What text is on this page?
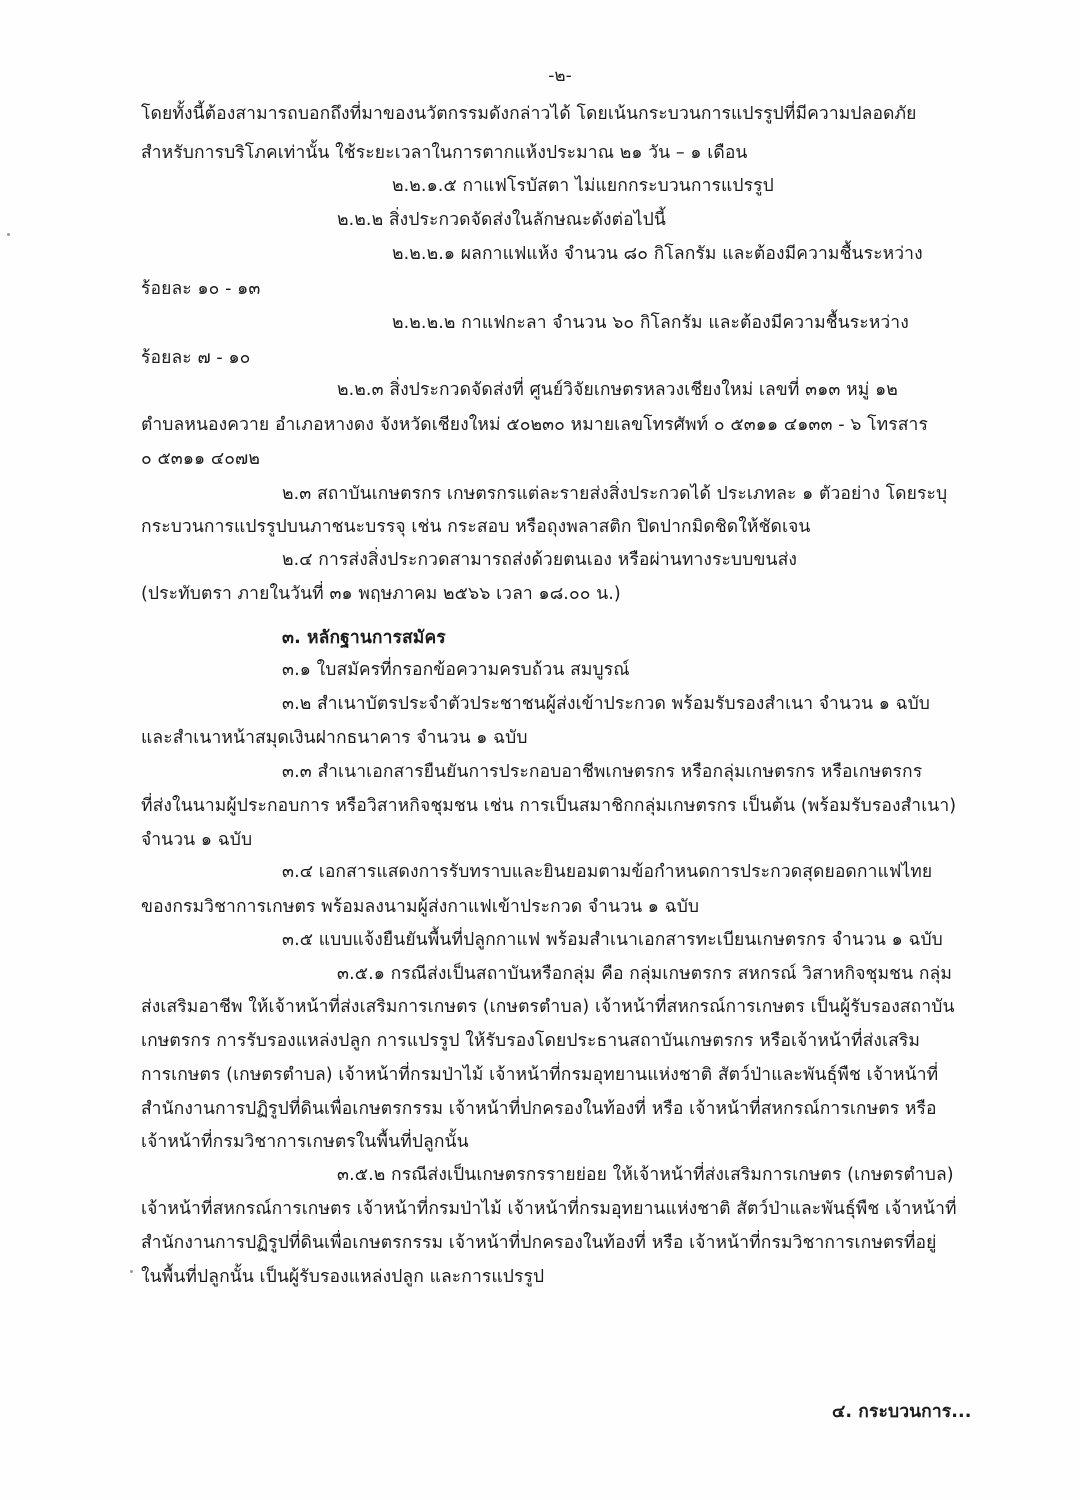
-๒-
โดยทั้งนี้ต้องสามารถบอกถึงที่มาของนวัตกรรมดังกล่าวได้ โดยเน้นกระบวนการแปรรูปที่มีความปลอดภัย
สำหรับการบริโภคเท่านั้น ใช้ระยะเวลาในการตากแห้งประมาณ ๒๑ วัน – ๑ เดือน
๒.๒.๑.๕ กาแฟโรบัสตา ไม่แยกกระบวนการแปรรูป
๒.๒.๒ สิ่งประกวดจัดส่งในลักษณะดังต่อไปนี้
๒.๒.๒.๑ ผลกาแฟแห้ง จำนวน ๘๐ กิโลกรัม และต้องมีความชื้นระหว่าง
ร้อยละ ๑๐ - ๑๓
๒.๒.๒.๒ กาแฟกะลา จำนวน ๖๐ กิโลกรัม และต้องมีความชื้นระหว่าง
ร้อยละ ๗ - ๑๐
๒.๒.๓ สิ่งประกวดจัดส่งที่ ศูนย์วิจัยเกษตรหลวงเชียงใหม่ เลขที่ ๓๑๓ หมู่ ๑๒
ตำบลหนองควาย อำเภอหางดง จังหวัดเชียงใหม่ ๕๐๒๓๐ หมายเลขโทรศัพท์ ๐ ๕๓๑๑ ๔๑๓๓ - ๖ โทรสาร
๐ ๕๓๑๑ ๔๐๗๒
๒.๓ สถาบันเกษตรกร เกษตรกรแต่ละรายส่งสิ่งประกวดได้ ประเภทละ ๑ ตัวอย่าง โดยระบุ
กระบวนการแปรรูปบนภาชนะบรรจุ เช่น กระสอบ หรือถุงพลาสติก ปิดปากมิดชิดให้ชัดเจน
๒.๔ การส่งสิ่งประกวดสามารถส่งด้วยตนเอง หรือผ่านทางระบบขนส่ง
(ประทับตรา ภายในวันที่ ๓๑ พฤษภาคม ๒๕๖๖ เวลา ๑๘.๐๐ น.)
๓. หลักฐานการสมัคร
๓.๑ ใบสมัครที่กรอกข้อความครบถ้วน สมบูรณ์
๓.๒ สำเนาบัตรประจำตัวประชาชนผู้ส่งเข้าประกวด พร้อมรับรองสำเนา จำนวน ๑ ฉบับ
และสำเนาหน้าสมุดเงินฝากธนาคาร จำนวน ๑ ฉบับ
๓.๓ สำเนาเอกสารยืนยันการประกอบอาชีพเกษตรกร หรือกลุ่มเกษตรกร หรือเกษตรกร
ที่ส่งในนามผู้ประกอบการ หรือวิสาหกิจชุมชน เช่น การเป็นสมาชิกกลุ่มเกษตรกร เป็นต้น (พร้อมรับรองสำเนา)
จำนวน ๑ ฉบับ
๓.๔ เอกสารแสดงการรับทราบและยินยอมตามข้อกำหนดการประกวดสุดยอดกาแฟไทย
ของกรมวิชาการเกษตร พร้อมลงนามผู้ส่งกาแฟเข้าประกวด จำนวน ๑ ฉบับ
๓.๕ แบบแจ้งยืนยันพื้นที่ปลูกกาแฟ พร้อมสำเนาเอกสารทะเบียนเกษตรกร จำนวน ๑ ฉบับ
๓.๕.๑ กรณีส่งเป็นสถาบันหรือกลุ่ม คือ กลุ่มเกษตรกร สหกรณ์ วิสาหกิจชุมชน กลุ่ม
ส่งเสริมอาชีพ ให้เจ้าหน้าที่ส่งเสริมการเกษตร (เกษตรตำบล) เจ้าหน้าที่สหกรณ์การเกษตร เป็นผู้รับรองสถาบัน
เกษตรกร การรับรองแหล่งปลูก การแปรรูป ให้รับรองโดยประธานสถาบันเกษตรกร หรือเจ้าหน้าที่ส่งเสริม
การเกษตร (เกษตรตำบล) เจ้าหน้าที่กรมป่าไม้ เจ้าหน้าที่กรมอุทยานแห่งชาติ สัตว์ป่าและพันธุ์พืช เจ้าหน้าที่
สำนักงานการปฏิรูปที่ดินเพื่อเกษตรกรรม เจ้าหน้าที่ปกครองในท้องที่ หรือ เจ้าหน้าที่สหกรณ์การเกษตร หรือ
เจ้าหน้าที่กรมวิชาการเกษตรในพื้นที่ปลูกนั้น
๓.๕.๒ กรณีส่งเป็นเกษตรกรรายย่อย ให้เจ้าหน้าที่ส่งเสริมการเกษตร (เกษตรตำบล)
เจ้าหน้าที่สหกรณ์การเกษตร เจ้าหน้าที่กรมป่าไม้ เจ้าหน้าที่กรมอุทยานแห่งชาติ สัตว์ป่าและพันธุ์พืช เจ้าหน้าที่
สำนักงานการปฏิรูปที่ดินเพื่อเกษตรกรรม เจ้าหน้าที่ปกครองในท้องที่ หรือ เจ้าหน้าที่กรมวิชาการเกษตรที่อยู่
ในพื้นที่ปลูกนั้น เป็นผู้รับรองแหล่งปลูก และการแปรรูป
๔. กระบวนการ...
